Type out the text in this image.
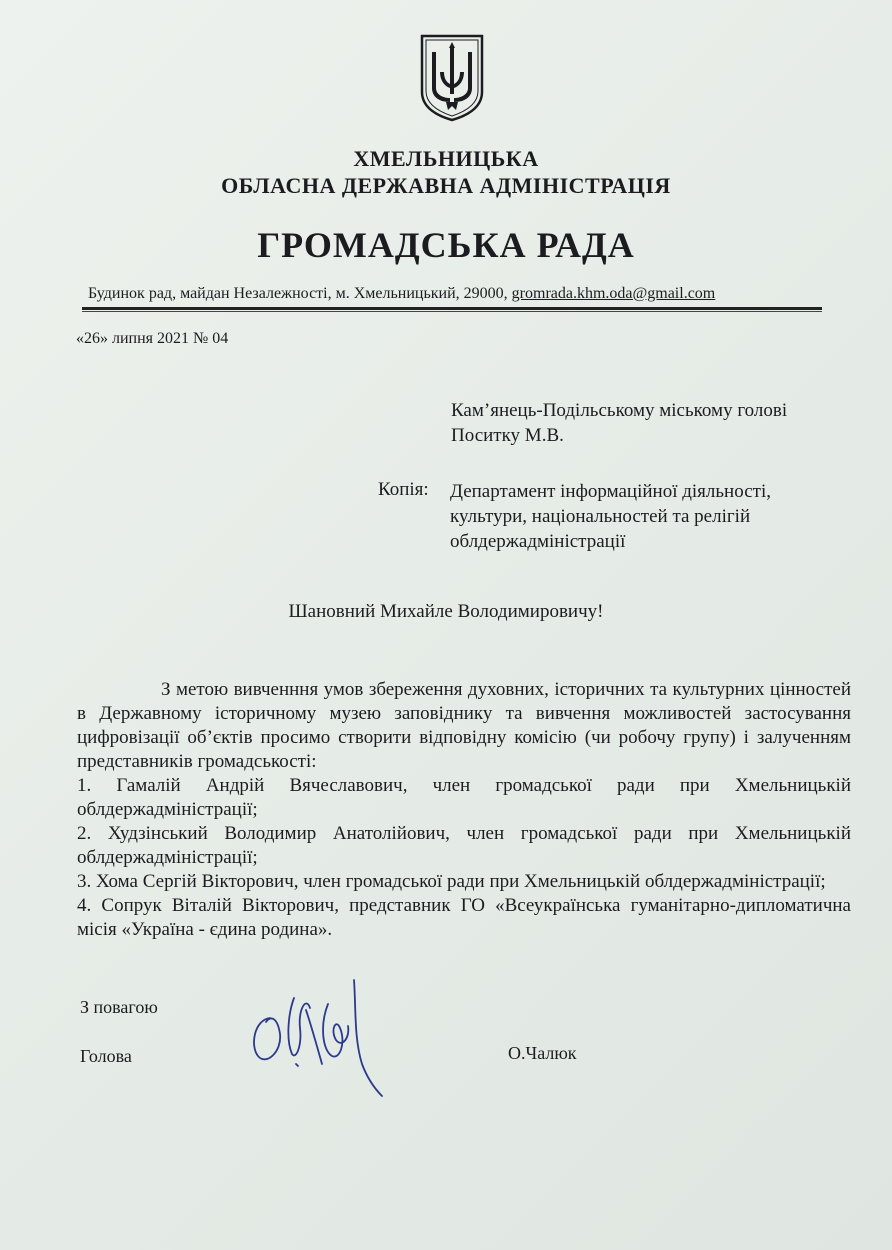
ХМЕЛЬНИЦЬКА
ОБЛАСНА ДЕРЖАВНА АДМІНІСТРАЦІЯ
ГРОМАДСЬКА РАДА
Будинок рад, майдан Незалежності, м. Хмельницький, 29000, gromrada.khm.oda@gmail.com
«26» липня 2021 № 04
Кам’янець-Подільському міському голові
Поситку М.В.
Копія: Департамент інформаційної діяльності,
культури, національностей та релігій
облдержадміністрації
Шановний Михайле Володимировичу!

З метою вивченння умов збереження духовних, історичних та культурних цінностей в Державному історичному музею заповіднику та вивчення можливостей застосування цифровізації об’єктів просимо створити відповідну комісію (чи робочу групу) і залученням представників громадськості:

1. Гамалій Андрій Вячеславович, член громадської ради при Хмельницькій облдержадміністрації;

2. Худзінський Володимир Анатолійович, член громадської ради при Хмельницькій облдержадміністрації;

3. Хома Сергій Вікторович, член громадської ради при Хмельницькій облдержадміністрації;

4. Сопрук Віталій Вікторович, представник ГО «Всеукраїнська гуманітарно-дипломатична місія «Україна - єдина родина».

З повагою
Голова	О.Чалюк
